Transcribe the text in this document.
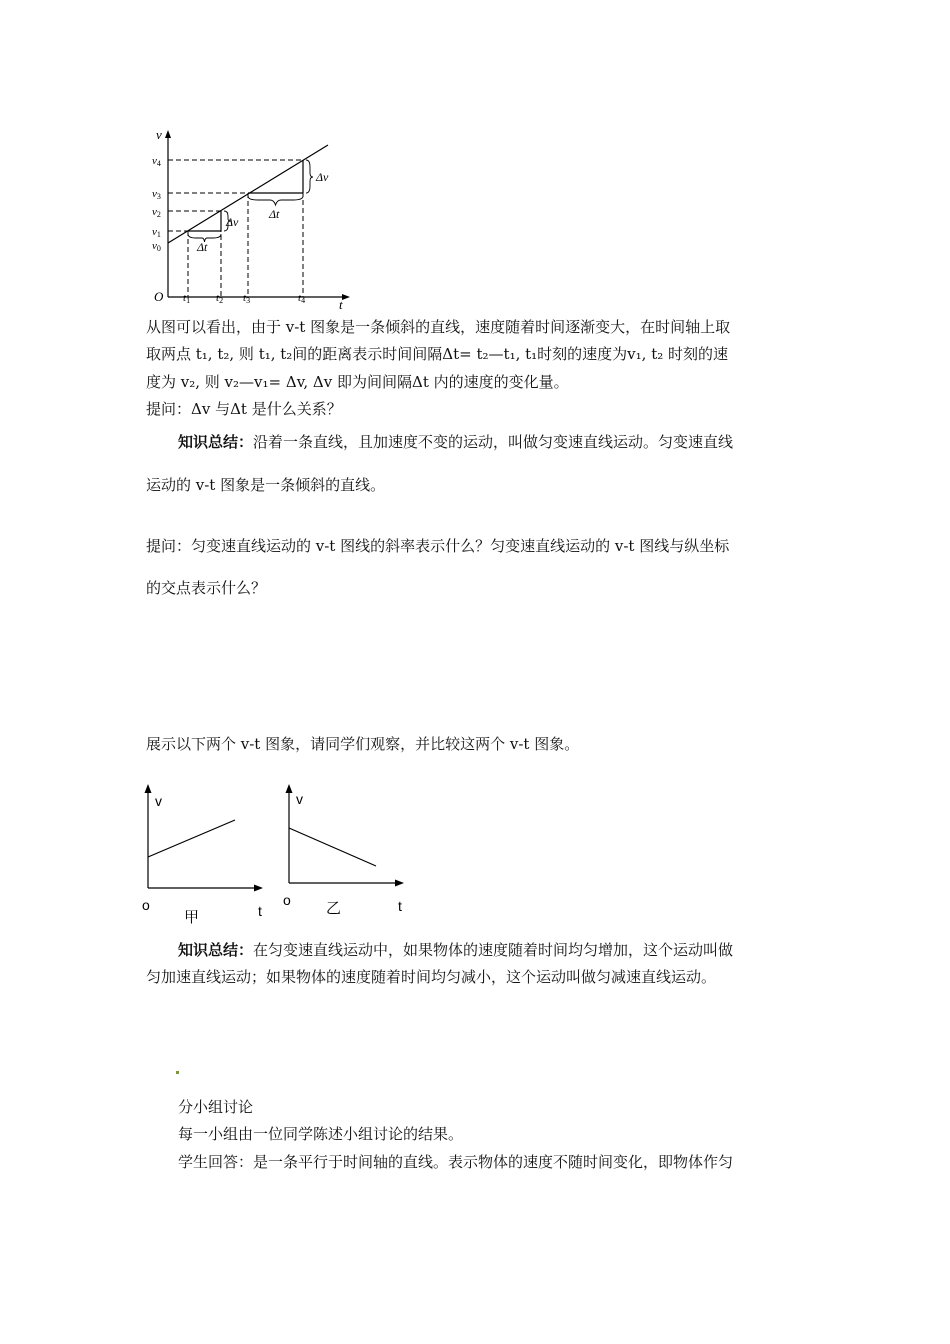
v
t
O
v4
v3
v2
v1
v0
t1 t2 t3	t4
Δv
Δt
Δv
Δt
从图可以看出，由于 v-t 图象是一条倾斜的直线，速度随着时间逐渐变大，在时间轴上取
取两点 t₁, t₂, 则 t₁, t₂间的距离表示时间间隔Δt= t₂—t₁, t₁时刻的速度为v₁, t₂ 时刻的速
度为 v₂, 则 v₂—v₁= Δv, Δv 即为间间隔Δt 内的速度的变化量。
提问：Δv 与Δt 是什么关系？
知识总结：沿着一条直线，且加速度不变的运动，叫做匀变速直线运动。匀变速直线
运动的 v-t 图象是一条倾斜的直线。
提问：匀变速直线运动的 v-t 图线的斜率表示什么？匀变速直线运动的 v-t 图线与纵坐标
的交点表示什么？
展示以下两个 v-t 图象，请同学们观察，并比较这两个 v-t 图象。
v
o	t
甲
v
o	t
乙
知识总结：在匀变速直线运动中，如果物体的速度随着时间均匀增加，这个运动叫做
匀加速直线运动；如果物体的速度随着时间均匀减小，这个运动叫做匀减速直线运动。
分小组讨论
每一小组由一位同学陈述小组讨论的结果。
学生回答：是一条平行于时间轴的直线。表示物体的速度不随时间变化，即物体作匀
